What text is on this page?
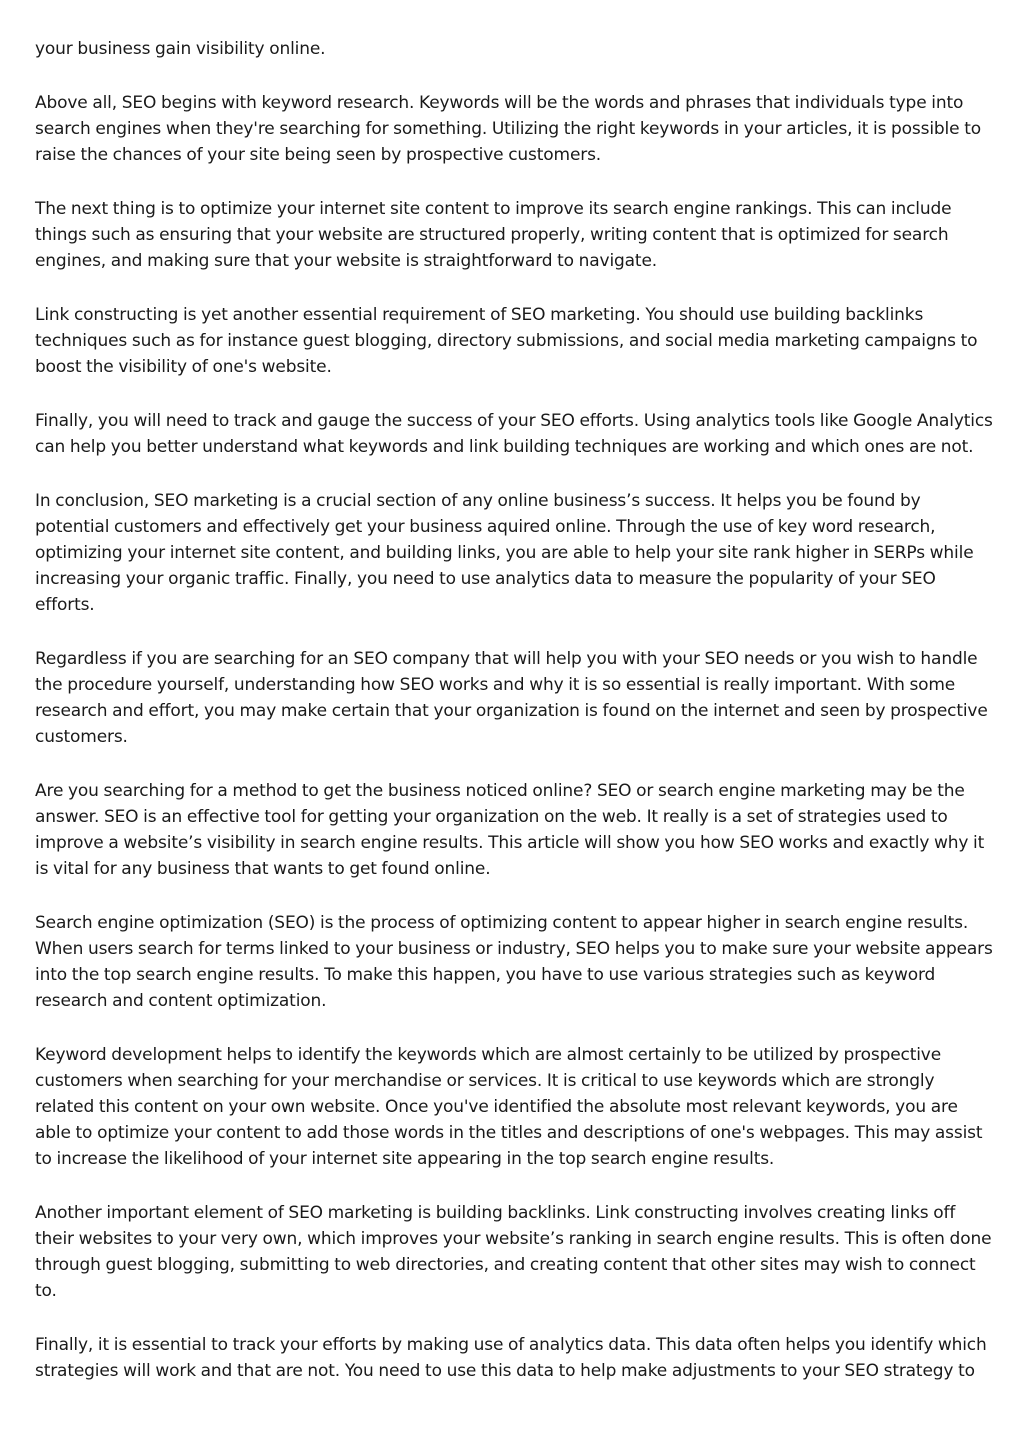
your business gain visibility online.

Above all, SEO begins with keyword research. Keywords will be the words and phrases that individuals type into search engines when they're searching for something. Utilizing the right keywords in your articles, it is possible to raise the chances of your site being seen by prospective customers.

The next thing is to optimize your internet site content to improve its search engine rankings. This can include things such as ensuring that your website are structured properly, writing content that is optimized for search engines, and making sure that your website is straightforward to navigate.

Link constructing is yet another essential requirement of SEO marketing. You should use building backlinks techniques such as for instance guest blogging, directory submissions, and social media marketing campaigns to boost the visibility of one's website.

Finally, you will need to track and gauge the success of your SEO efforts. Using analytics tools like Google Analytics can help you better understand what keywords and link building techniques are working and which ones are not.

In conclusion, SEO marketing is a crucial section of any online business’s success. It helps you be found by potential customers and effectively get your business aquired online. Through the use of key word research, optimizing your internet site content, and building links, you are able to help your site rank higher in SERPs while increasing your organic traffic. Finally, you need to use analytics data to measure the popularity of your SEO efforts.

Regardless if you are searching for an SEO company that will help you with your SEO needs or you wish to handle the procedure yourself, understanding how SEO works and why it is so essential is really important. With some research and effort, you may make certain that your organization is found on the internet and seen by prospective customers.

Are you searching for a method to get the business noticed online? SEO or search engine marketing may be the answer. SEO is an effective tool for getting your organization on the web. It really is a set of strategies used to improve a website’s visibility in search engine results. This article will show you how SEO works and exactly why it is vital for any business that wants to get found online.

Search engine optimization (SEO) is the process of optimizing content to appear higher in search engine results. When users search for terms linked to your business or industry, SEO helps you to make sure your website appears into the top search engine results. To make this happen, you have to use various strategies such as keyword research and content optimization.

Keyword development helps to identify the keywords which are almost certainly to be utilized by prospective customers when searching for your merchandise or services. It is critical to use keywords which are strongly related this content on your own website. Once you've identified the absolute most relevant keywords, you are able to optimize your content to add those words in the titles and descriptions of one's webpages. This may assist to increase the likelihood of your internet site appearing in the top search engine results.

Another important element of SEO marketing is building backlinks. Link constructing involves creating links off their websites to your very own, which improves your website’s ranking in search engine results. This is often done through guest blogging, submitting to web directories, and creating content that other sites may wish to connect to.

Finally, it is essential to track your efforts by making use of analytics data. This data often helps you identify which strategies will work and that are not. You need to use this data to help make adjustments to your SEO strategy to
